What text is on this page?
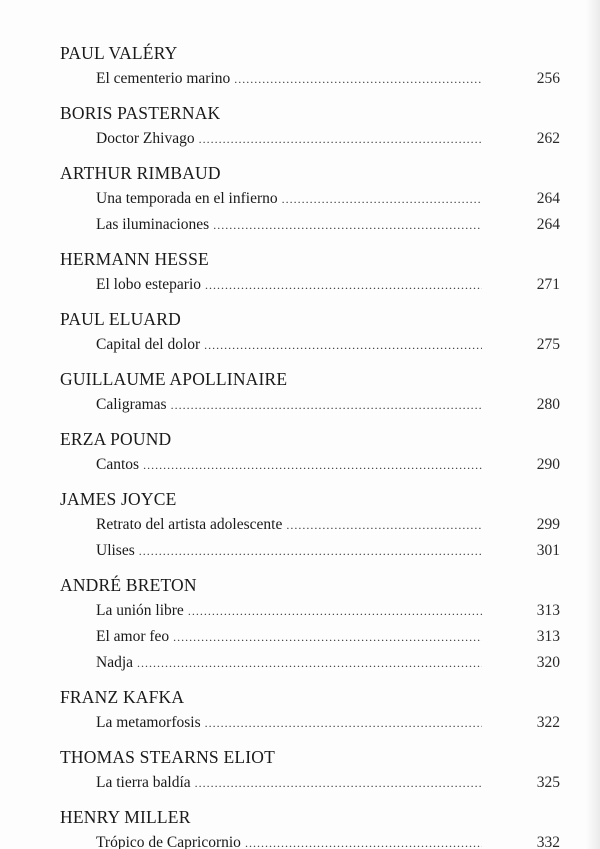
PAUL VALÉRY
El cementerio marino .....	256
BORIS PASTERNAK
Doctor Zhivago .....	262
ARTHUR RIMBAUD
Una temporada en el infierno .....	264
Las iluminaciones .....	264
HERMANN HESSE
El lobo estepario .....	271
PAUL ELUARD
Capital del dolor .....	275
GUILLAUME APOLLINAIRE
Caligramas .....	280
ERZA POUND
Cantos .....	290
JAMES JOYCE
Retrato del artista adolescente .....	299
Ulises .....	301
ANDRÉ BRETON
La unión libre .....	313
El amor feo .....	313
Nadja .....	320
FRANZ KAFKA
La metamorfosis .....	322
THOMAS STEARNS ELIOT
La tierra baldía .....	325
HENRY MILLER
Trópico de Capricornio .....	332
